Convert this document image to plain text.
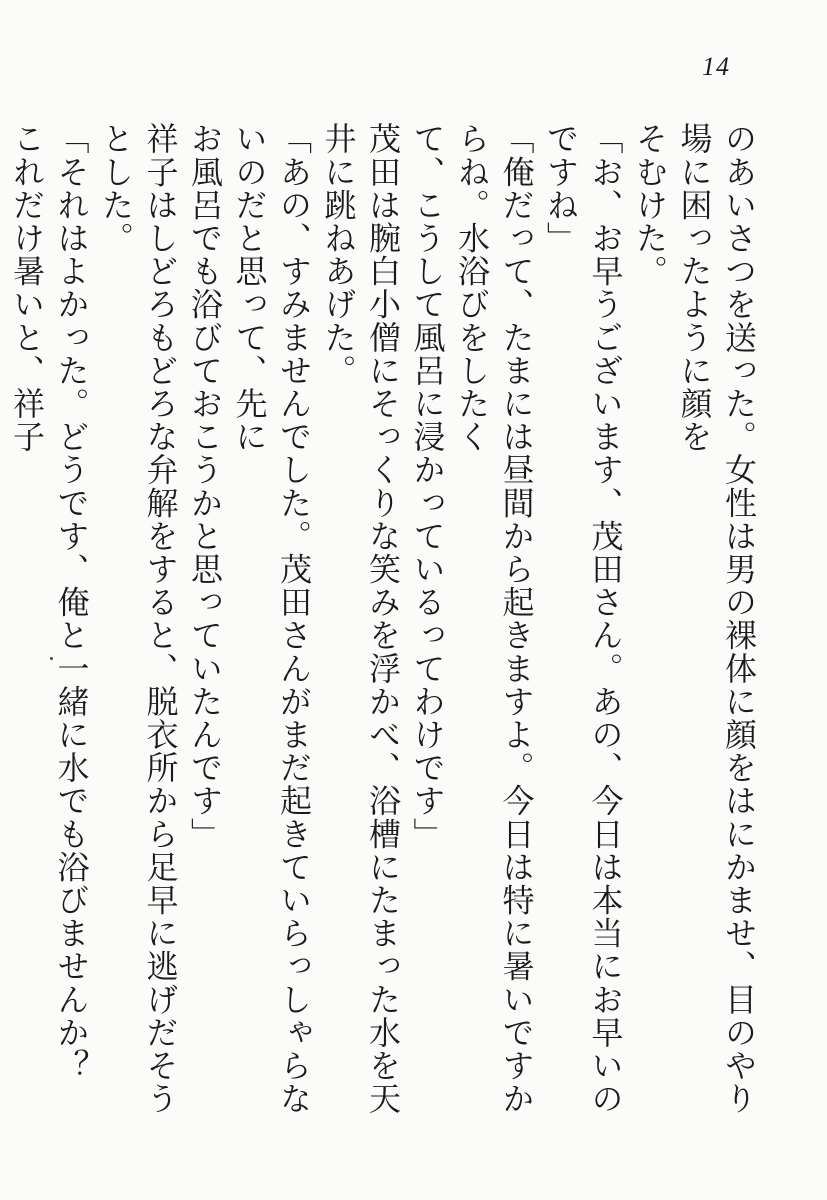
14

のあいさつを送った。女性は男の裸体に顔をはにかませ、目のやり場に困ったように顔を

そむけた。

「お、お早うございます、茂田さん。あの、今日は本当にお早いのですね」

「俺だって、たまには昼間から起きますよ。今日は特に暑いですからね。水浴びをしたく

て、こうして風呂に浸かっているってわけです」

茂田は腕白小僧にそっくりな笑みを浮かべ、浴槽にたまった水を天井に跳ねあげた。

「あの、すみませんでした。茂田さんがまだ起きていらっしゃらないのだと思って、先に

お風呂でも浴びておこうかと思っていたんです」

祥子はしどろもどろな弁解をすると、脱衣所から足早に逃げだそうとした。

「それはよかった。どうです、俺と一緒に水でも浴びませんか？　これだけ暑いと、祥子
